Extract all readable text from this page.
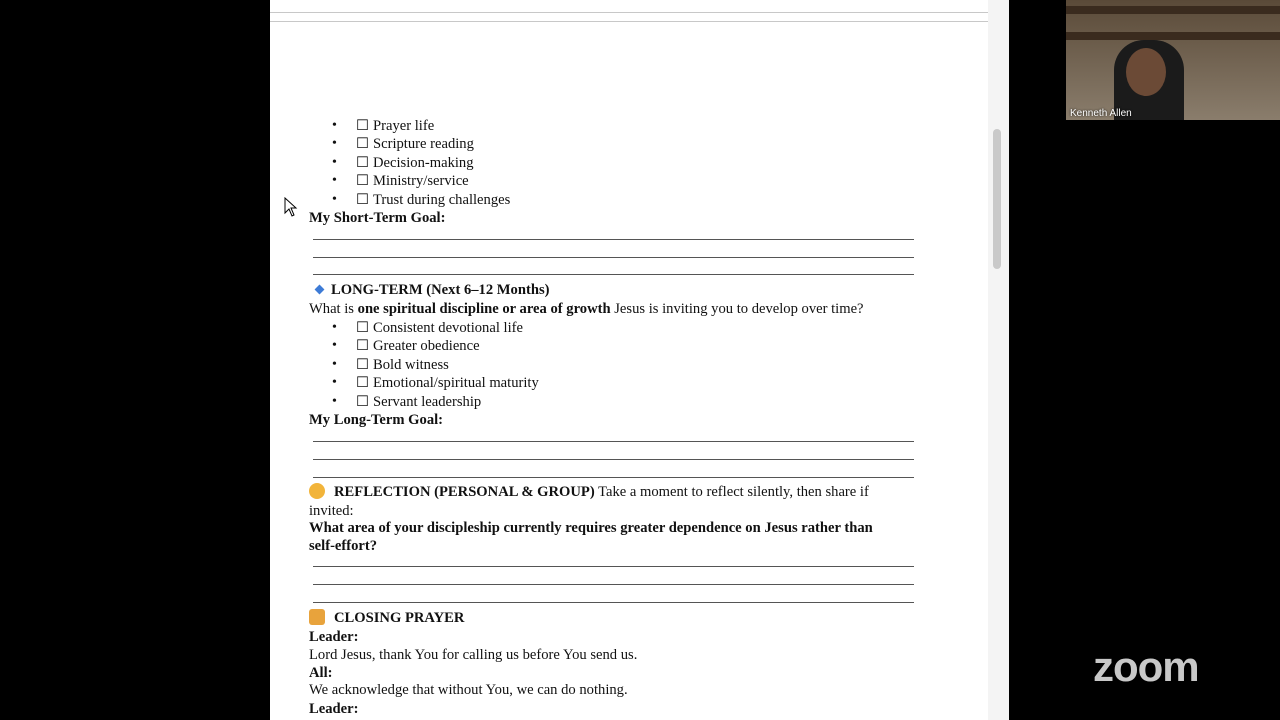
• ☐ Prayer life
• ☐ Scripture reading
• ☐ Decision-making
• ☐ Ministry/service
• ☐ Trust during challenges
My Short-Term Goal:
LONG-TERM (Next 6–12 Months)
What is one spiritual discipline or area of growth Jesus is inviting you to develop over time?
• ☐ Consistent devotional life
• ☐ Greater obedience
• ☐ Bold witness
• ☐ Emotional/spiritual maturity
• ☐ Servant leadership
My Long-Term Goal:
REFLECTION (PERSONAL & GROUP) Take a moment to reflect silently, then share if
invited:
What area of your discipleship currently requires greater dependence on Jesus rather than
self-effort?
CLOSING PRAYER
Leader:
Lord Jesus, thank You for calling us before You send us.
All:
We acknowledge that without You, we can do nothing.
Leader:
Kenneth Allen
zoom
